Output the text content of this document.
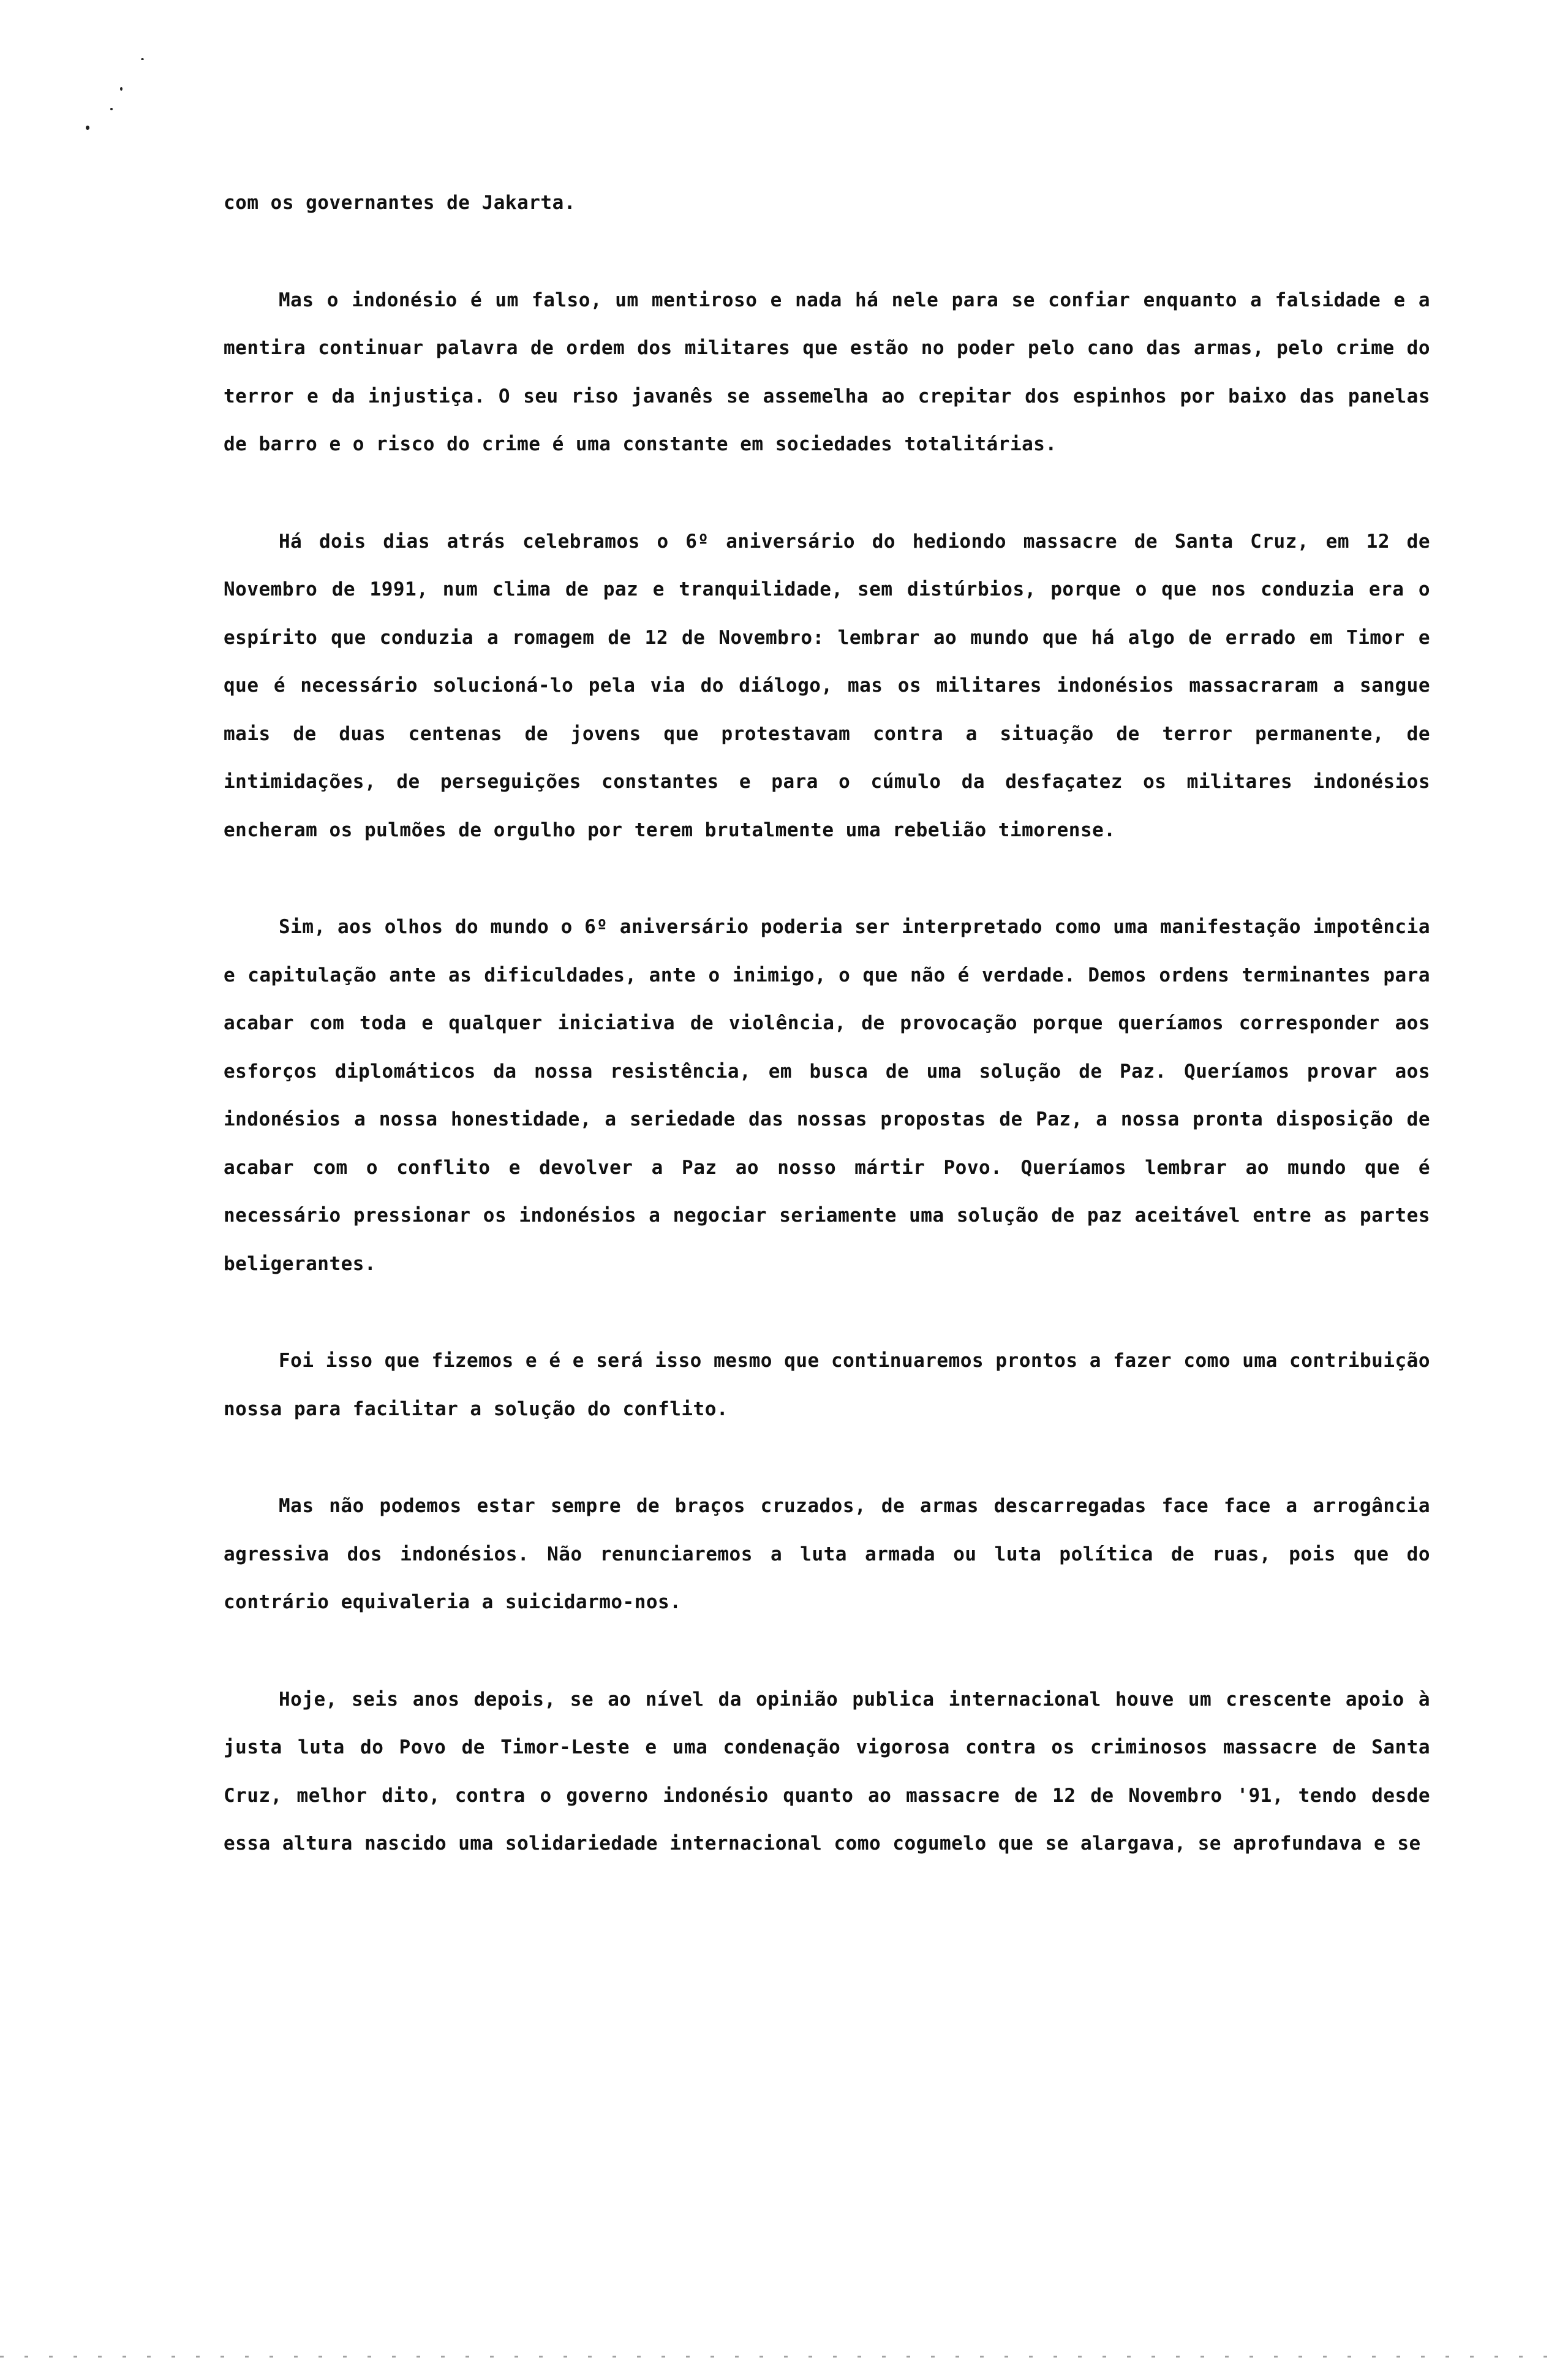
com os governantes de Jakarta.

Mas o indonésio é um falso, um mentiroso e nada há nele para se confiar enquanto a falsidade e a mentira continuar palavra de ordem dos militares que estão no poder pelo cano das armas, pelo crime do terror e da injustiça. O seu riso javanês se assemelha ao crepitar dos espinhos por baixo das panelas de barro e o risco do crime é uma constante em sociedades totalitárias.

Há dois dias atrás celebramos o 6º aniversário do hediondo massacre de Santa Cruz, em 12 de Novembro de 1991, num clima de paz e tranquilidade, sem distúrbios, porque o que nos conduzia era o espírito que conduzia a romagem de 12 de Novembro: lembrar ao mundo que há algo de errado em Timor e que é necessário solucioná-lo pela via do diálogo, mas os militares indonésios massacraram a sangue mais de duas centenas de jovens que protestavam contra a situação de terror permanente, de intimidações, de perseguições constantes e para o cúmulo da desfaçatez os militares indonésios encheram os pulmões de orgulho por terem brutalmente uma rebelião timorense.

Sim, aos olhos do mundo o 6º aniversário poderia ser interpretado como uma manifestação impotência e capitulação ante as dificuldades, ante o inimigo, o que não é verdade. Demos ordens terminantes para acabar com toda e qualquer iniciativa de violência, de provocação porque queríamos corresponder aos esforços diplomáticos da nossa resistência, em busca de uma solução de Paz. Queríamos provar aos indonésios a nossa honestidade, a seriedade das nossas propostas de Paz, a nossa pronta disposição de acabar com o conflito e devolver a Paz ao nosso mártir Povo. Queríamos lembrar ao mundo que é necessário pressionar os indonésios a negociar seriamente uma solução de paz aceitável entre as partes beligerantes.

Foi isso que fizemos e é e será isso mesmo que continuaremos prontos a fazer como uma contribuição nossa para facilitar a solução do conflito.

Mas não podemos estar sempre de braços cruzados, de armas descarregadas face face a arrogância agressiva dos indonésios. Não renunciaremos a luta armada ou luta política de ruas, pois que do contrário equivaleria a suicidarmo-nos.

Hoje, seis anos depois, se ao nível da opinião publica internacional houve um crescente apoio à justa luta do Povo de Timor-Leste e uma condenação vigorosa contra os criminosos massacre de Santa Cruz, melhor dito, contra o governo indonésio quanto ao massacre de 12 de Novembro '91, tendo desde essa altura nascido uma solidariedade internacional como cogumelo que se alargava, se aprofundava e se
